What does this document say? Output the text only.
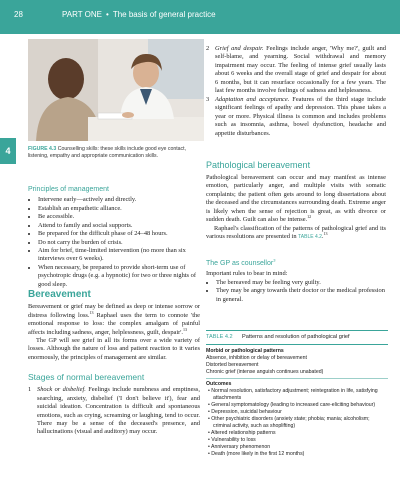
28	PART ONE • The basis of general practice
4	FIGURE 4.3 Counselling skills: these skills include good eye contact, listening, empathy and appropriate communication skills.
Principles of management
• Intervene early—actively and directly.
• Establish an empathetic alliance.
• Be accessible.
• Attend to family and social supports.
• Be prepared for the difficult phase of 24–48 hours.
• Do not carry the burden of crisis.
• Aim for brief, time-limited intervention (no more than six interviews over 6 weeks).
• When necessary, be prepared to provide short-term use of psychotropic drugs (e.g. a hypnotic) for two or three nights of good sleep.
Bereavement

Bereavement or grief may be defined as deep or intense sorrow or distress following loss.$^{13}$ Raphael uses the term to connote 'the emotional response to loss: the complex amalgam of painful affects including sadness, anger, helplessness, guilt, despair'.$^{13}$

The GP will see grief in all its forms over a wide variety of losses. Although the nature of loss and patient reaction to it varies enormously, the principles of management are similar.

Stages of normal bereavement
1 Shock or disbelief. Feelings include numbness and emptiness, searching, anxiety, disbelief ('I don't believe it'), fear and suicidal ideation. Concentration is difficult and spontaneous emotions, such as crying, screaming or laughing, tend to occur. There may be a sense of the deceased's presence, and hallucinations (visual and auditory) may occur.
2 Grief and despair. Feelings include anger, 'Why me?', guilt and self-blame, and yearning. Social withdrawal and memory impairment may occur. The feeling of intense grief usually lasts about 6 weeks and the overall stage of grief and despair for about 6 months, but it can resurface occasionally for a few years. The last few months involve feelings of sadness and helplessness.
3 Adaptation and acceptance. Features of the third stage include significant feelings of apathy and depression. This phase takes a year or more. Physical illness is common and includes problems such as insomnia, asthma, bowel dysfunction, headache and appetite disturbances.
Pathological bereavement

Pathological bereavement can occur and may manifest as intense emotion, particularly anger, and multiple visits with somatic complaints; the patient often gets around to long dissertations about the deceased and the circumstances surrounding death. Extreme anger is likely when the sense of rejection is great, as with divorce or sudden death. Guilt can also be intense.$^{12}$

Raphael's classification of the patterns of pathological grief and its various resolutions are presented in TABLE 4.2.13

The GP as counsellor$^3$

Important rules to bear in mind:

• The bereaved may be feeling very guilty.
• They may be angry towards their doctor or the medical profession in general.
TABLE 4.2	Patterns and resolution of pathological grief
Morbid or pathological patterns
Absence, inhibition or delay of bereavement
Distorted bereavement
Chronic grief (intense anguish continues unabated)
Outcomes
• Normal resolution, satisfactory adjustment; reintegration in life, satisfying attachments
• General symptomatology (leading to increased care-eliciting behaviour)
• Depression, suicidal behaviour
• Other psychiatric disorders (anxiety state; phobia; mania; alcoholism; criminal activity, such as shoplifting)
• Altered relationship patterns
• Vulnerability to loss
• Anniversary phenomenon
• Death (more likely in the first 12 months)
